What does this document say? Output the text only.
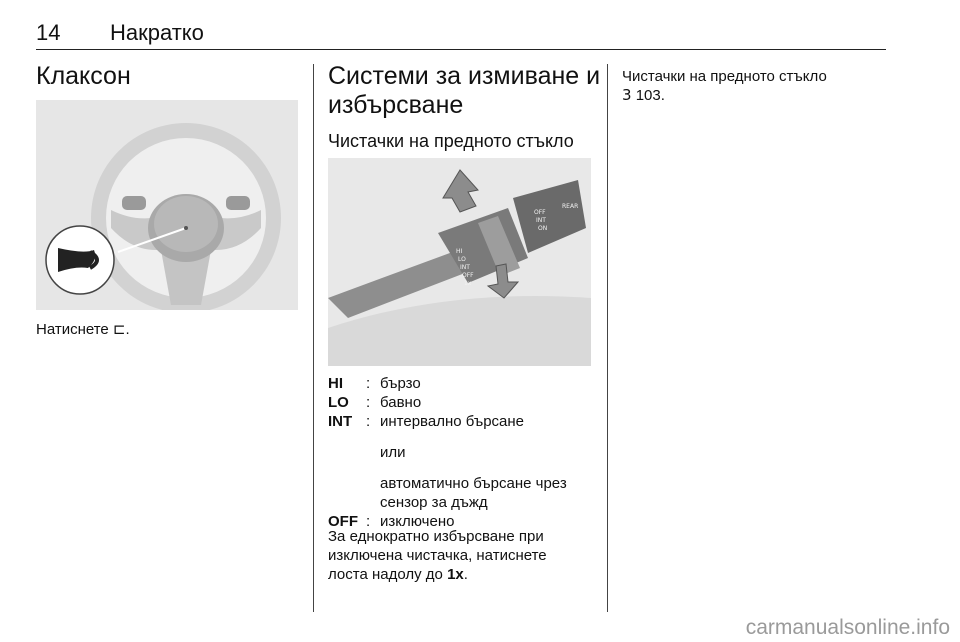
14 Накратко
Клаксон
Натиснете ⊏.
Системи за измиване и
избърсване
Чистачки на предното стъкло
HI
LO
INT
OFF
1x
OFF
INT
ON
REAR
HI	: бързо
LO	: бавно
INT : интервално бърсане
или
автоматично бърсане чрез
сензор за дъжд
OFF : изключено
За еднократно избърсване при
изключена чистачка, натиснете
лоста надолу до 1x.
Чистачки на предното стъкло
3 103.
carmanualsonline.info
